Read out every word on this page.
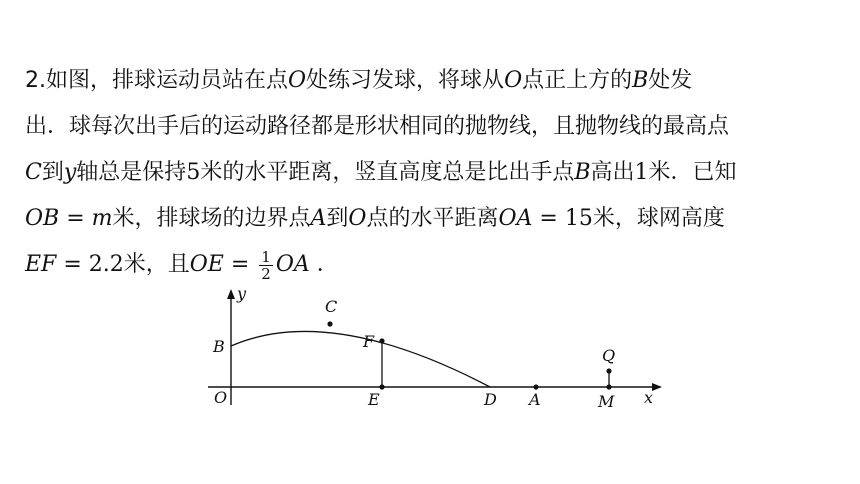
2.如图，排球运动员站在点O处练习发球，将球从O点正上方的B处发
出．球每次出手后的运动路径都是形状相同的抛物线，且抛物线的最高点
C到y轴总是保持5米的水平距离，竖直高度总是比出手点B高出1米．已知
OB = m米，排球场的边界点A到O点的水平距离OA = 15米，球网高度
EF = 2.2米，且OE = $\frac{1}{2}$ OA ．
y
x
O
B
C
F
E	D A
Q
M
